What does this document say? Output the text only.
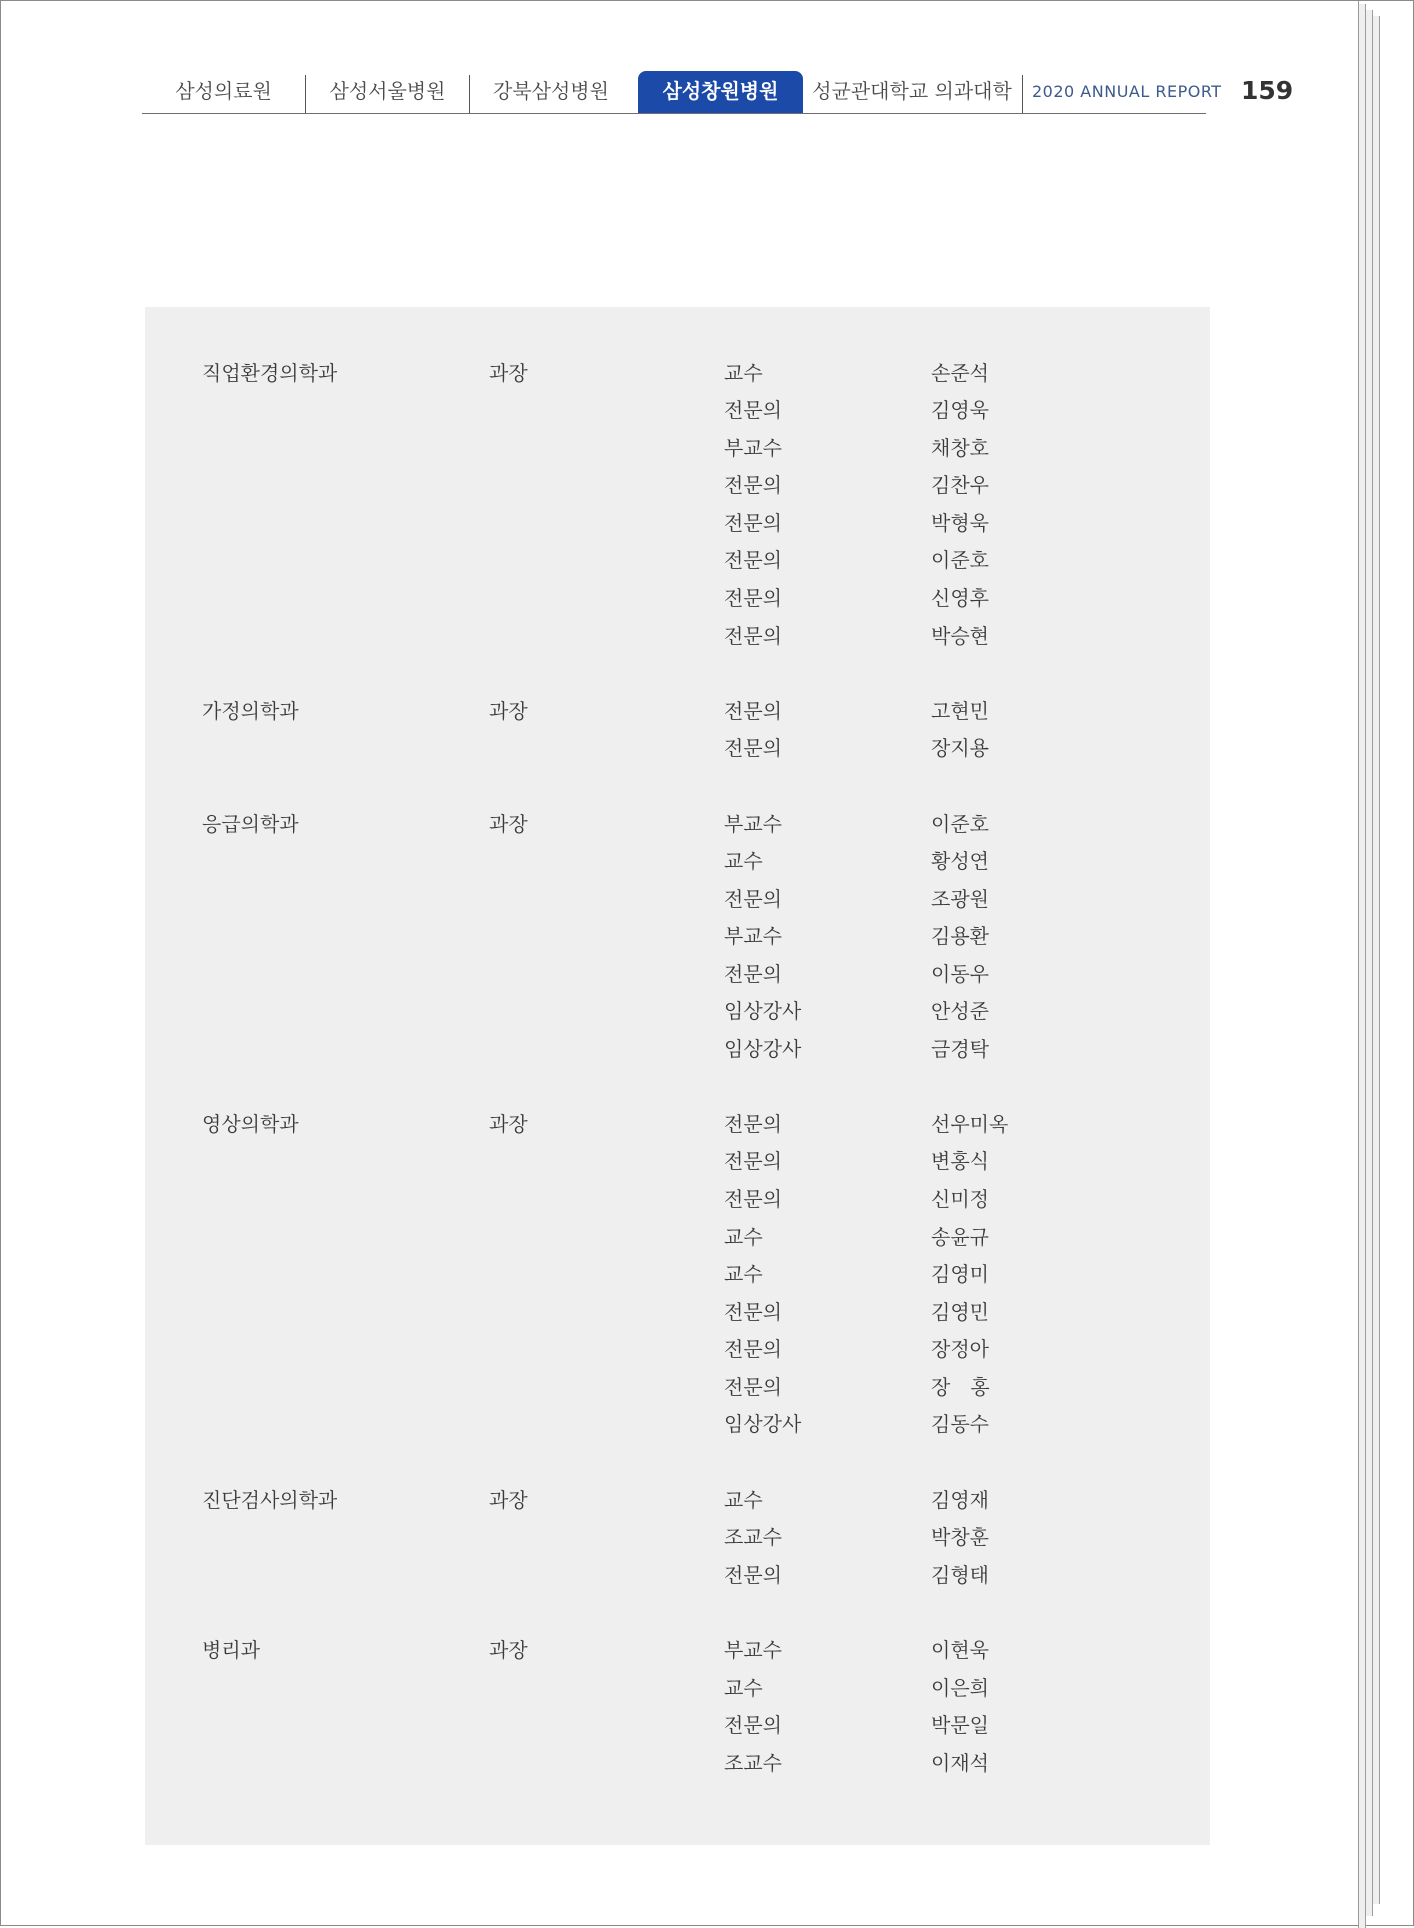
삼성의료원	삼성서울병원	강북삼성병원	삼성창원병원	성균관대학교 의과대학	2020 ANNUAL REPORT 159
직업환경의학과	과장	교수	손준석
전문의	김영욱
부교수	채창호
전문의	김찬우
전문의	박형욱
전문의	이준호
전문의	신영후
전문의	박승현
가정의학과	과장	전문의	고현민
전문의	장지용
응급의학과	과장	부교수	이준호
교수	황성연
전문의	조광원
부교수	김용환
전문의	이동우
임상강사	안성준
임상강사	금경탁
영상의학과	과장	전문의	선우미옥
전문의	변홍식
전문의	신미정
교수	송윤규
교수	김영미
전문의	김영민
전문의	장정아
전문의	장　홍
임상강사	김동수
진단검사의학과	과장	교수	김영재
조교수	박창훈
전문의	김형태
병리과	과장	부교수	이현욱
교수	이은희
전문의	박문일
조교수	이재석
